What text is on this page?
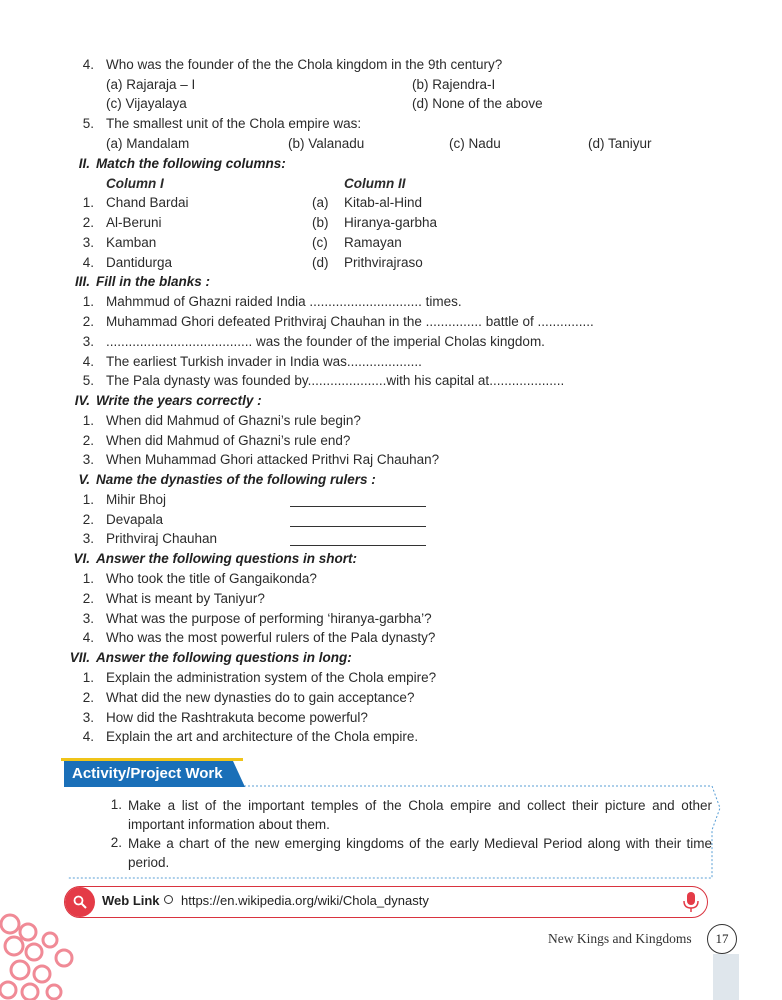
4. Who was the founder of the the Chola kingdom in the 9th century?
(a) Rajaraja – I	(b) Rajendra-I
(c) Vijayalaya	(d) None of the above
5. The smallest unit of the Chola empire was:
(a) Mandalam	(b) Valanadu	(c) Nadu	(d) Taniyur
II. Match the following columns:
Column I	Column II
1. Chand Bardai	(a) Kitab-al-Hind
2. Al-Beruni	(b) Hiranya-garbha
3. Kamban	(c) Ramayan
4. Dantidurga	(d) Prithvirajraso
III. Fill in the blanks :
1. Mahmmud of Ghazni raided India .............................. times.
2. Muhammad Ghori defeated Prithviraj Chauhan in the ............... battle of ...............
3. ....................................... was the founder of the imperial Cholas kingdom.
4. The earliest Turkish invader in India was....................
5. The Pala dynasty was founded by.....................with his capital at....................
IV. Write the years correctly :
1. When did Mahmud of Ghazni’s rule begin?
2. When did Mahmud of Ghazni’s rule end?
3. When Muhammad Ghori attacked Prithvi Raj Chauhan?
V. Name the dynasties of the following rulers :
1. Mihir Bhoj
2. Devapala
3. Prithviraj Chauhan
VI. Answer the following questions in short:
1. Who took the title of Gangaikonda?
2. What is meant by Taniyur?
3. What was the purpose of performing ‘hiranya-garbha’?
4. Who was the most powerful rulers of the Pala dynasty?
VII. Answer the following questions in long:
1. Explain the administration system of the Chola empire?
2. What did the new dynasties do to gain acceptance?
3. How did the Rashtrakuta become powerful?
4. Explain the art and architecture of the Chola empire.
Activity/Project Work
1. Make a list of the important temples of the Chola empire and collect their picture and other important information about them.
2. Make a chart of the new emerging kingdoms of the early Medieval Period along with their time period.
Web Link https://en.wikipedia.org/wiki/Chola_dynasty
New Kings and Kingdoms	17
